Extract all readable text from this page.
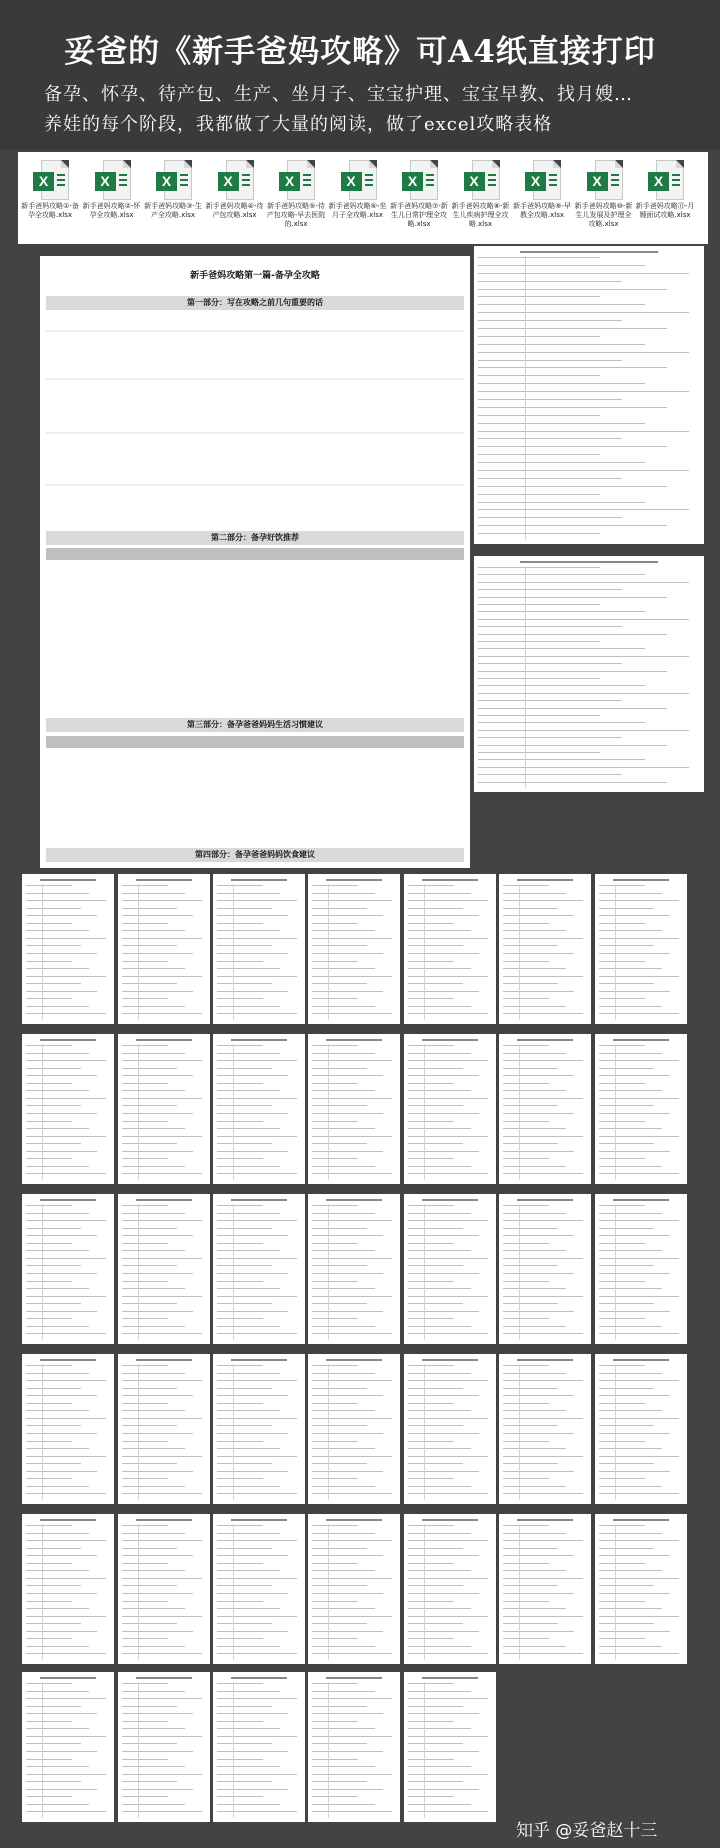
妥爸的《新手爸妈攻略》可A4纸直接打印
备孕、怀孕、待产包、生产、坐月子、宝宝护理、宝宝早教、找月嫂…
养娃的每个阶段，我都做了大量的阅读，做了excel攻略表格
X
新手爸妈攻略①-备孕全攻略.xlsx
X
新手爸妈攻略②-怀孕全攻略.xlsx
X
新手爸妈攻略③-生产全攻略.xlsx
X
新手爸妈攻略④-待产包攻略.xlsx
X
新手爸妈攻略⑤-待产包攻略-早去医院的.xlsx
X
新手爸妈攻略⑥-坐月子全攻略.xlsx
X
新手爸妈攻略⑦-新生儿日常护理全攻略.xlsx
X
新手爸妈攻略⑧-新生儿疾病护理全攻略.xlsx
X
新手爸妈攻略⑨-早教全攻略.xlsx
X
新手爸妈攻略⑩-新生儿发展及护理全攻略.xlsx
X
新手爸妈攻略⑪-月嫂面试攻略.xlsx
新手爸妈攻略第一篇-备孕全攻略
第一部分：写在攻略之前几句重要的话
第二部分：备孕好饮推荐
第三部分：备孕爸爸妈妈生活习惯建议
第四部分：备孕爸爸妈妈饮食建议
知乎 @妥爸赵十三
